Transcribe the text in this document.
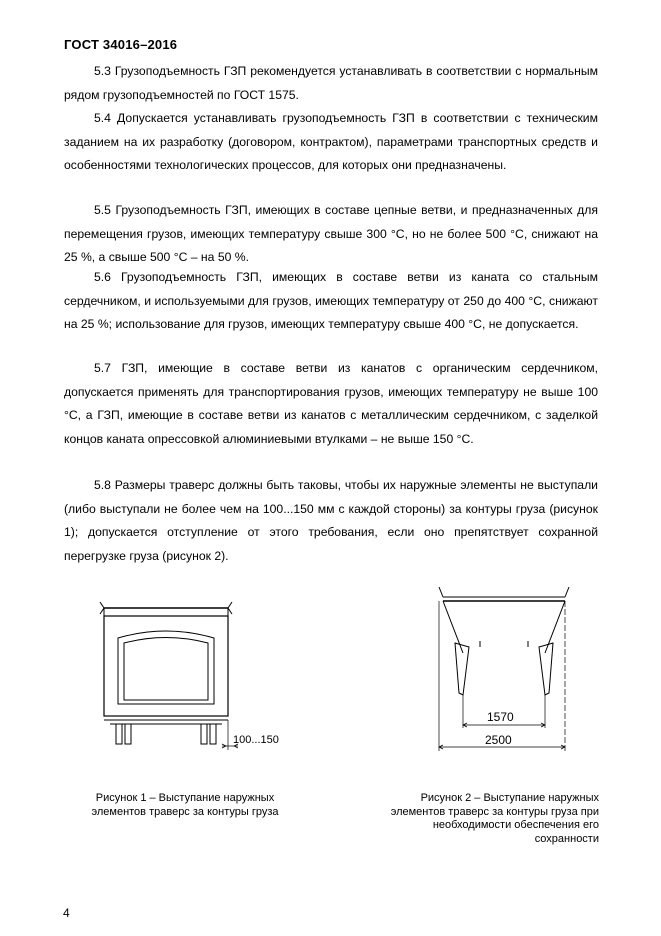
ГОСТ 34016–2016

5.3 Грузоподъемность ГЗП рекомендуется устанавливать в соответствии с нормальным рядом грузоподъемностей по ГОСТ 1575.

5.4 Допускается устанавливать грузоподъемность ГЗП в соответствии с техническим заданием на их разработку (договором, контрактом), параметрами транспортных средств и особенностями технологических процессов, для которых они предназначены.

5.5 Грузоподъемность ГЗП, имеющих в составе цепные ветви, и предназначенных для перемещения грузов, имеющих температуру свыше 300 °С, но не более 500 °С, снижают на 25 %, а свыше 500 °С – на 50 %.

5.6 Грузоподъемность ГЗП, имеющих в составе ветви из каната со стальным сердечником, и используемыми для грузов, имеющих температуру от 250 до 400 °С, снижают на 25 %; использование для грузов, имеющих температуру свыше 400 °С, не допускается.

5.7 ГЗП, имеющие в составе ветви из канатов с органическим сердечником, допускается применять для транспортирования грузов, имеющих температуру не выше 100 °С, а ГЗП, имеющие в составе ветви из канатов с металлическим сердечником, с заделкой концов каната опрессовкой алюминиевыми втулками – не выше 150 °С.

5.8 Размеры траверс должны быть таковы, чтобы их наружные элементы не выступали (либо выступали не более чем на 100...150 мм с каждой стороны) за контуры груза (рисунок 1); допускается отступление от этого требования, если оно препятствует сохранной перегрузке груза (рисунок 2).

100...150
1570
2500
Рисунок 1 – Выступание наружных элементов траверс за контуры груза
Рисунок 2 – Выступание наружных элементов траверс за контуры груза при необходимости обеспечения его сохранности
4
